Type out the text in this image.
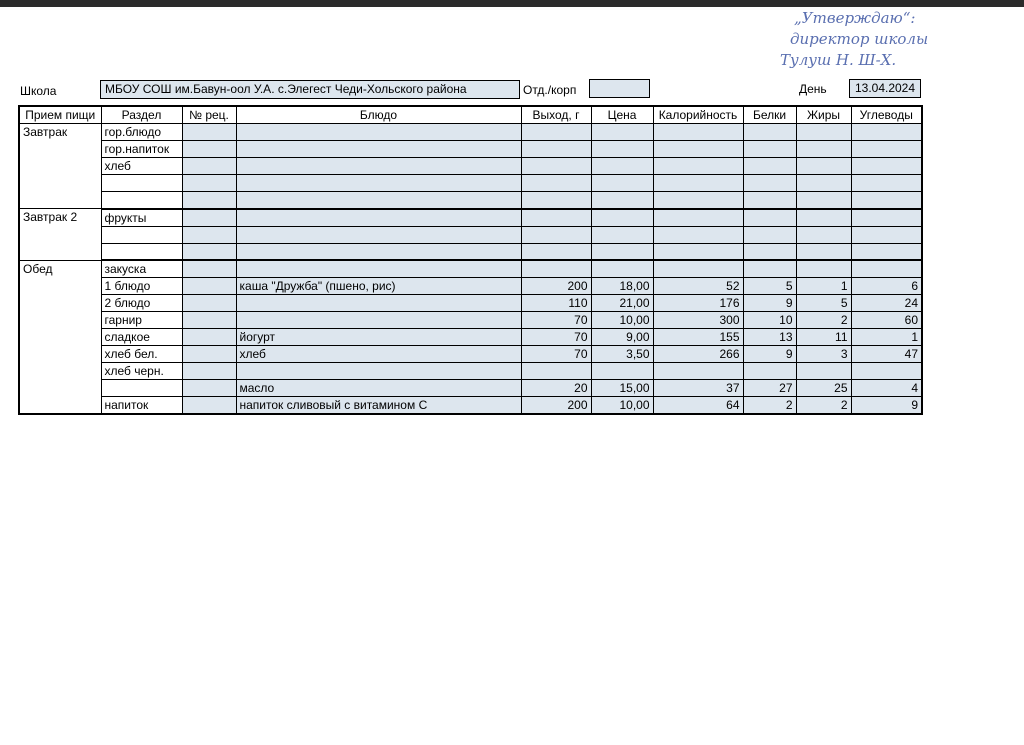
„Утверждаю“:
директор школы
Тулуш Н. Ш-Х.
Школа	МБОУ СОШ им.Бавун-оол У.А. с.Элегест Чеди-Хольского района	Отд./корп	День	13.04.2024
Прием пищи	Раздел	№ рец.	Блюдо	Выход, г	Цена	Калорийность	Белки	Жиры	Углеводы
Завтрак	гор.блюдо								
	гор.напиток								
	хлеб								

Завтрак 2	фрукты								

Обед	закуска								
	1 блюдо		каша "Дружба" (пшено, рис)	200	18,00	52	5	1	6
	2 блюдо			110	21,00	176	9	5	24
	гарнир			70	10,00	300	10	2	60
	сладкое		йогурт	70	9,00	155	13	11	1
	хлеб бел.		хлеб	70	3,50	266	9	3	47
	хлеб черн.								
			масло	20	15,00	37	27	25	4
	напиток		напиток сливовый с витамином С	200	10,00	64	2	2	9
